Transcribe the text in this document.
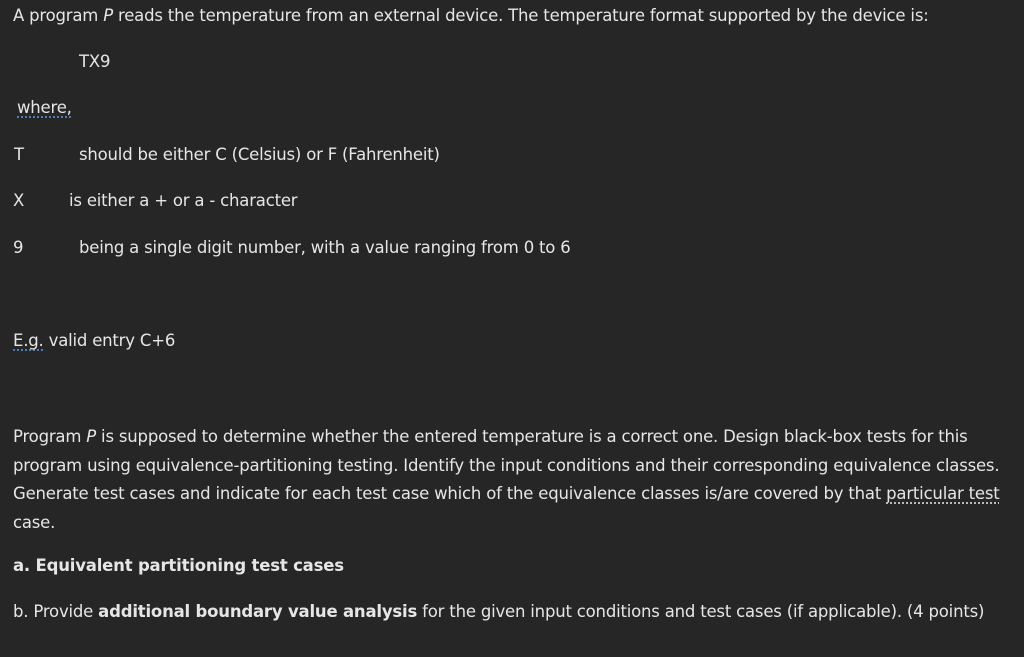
A program P reads the temperature from an external device. The temperature format supported by the device is:
TX9
where,
T	should be either C (Celsius) or F (Fahrenheit)
X	is either a + or a - character
9	being a single digit number, with a value ranging from 0 to 6
E.g. valid entry C+6
Program P is supposed to determine whether the entered temperature is a correct one. Design black-box tests for this program using equivalence-partitioning testing. Identify the input conditions and their corresponding equivalence classes. Generate test cases and indicate for each test case which of the equivalence classes is/are covered by that particular test case.
a. Equivalent partitioning test cases
b. Provide additional boundary value analysis for the given input conditions and test cases (if applicable). (4 points)
